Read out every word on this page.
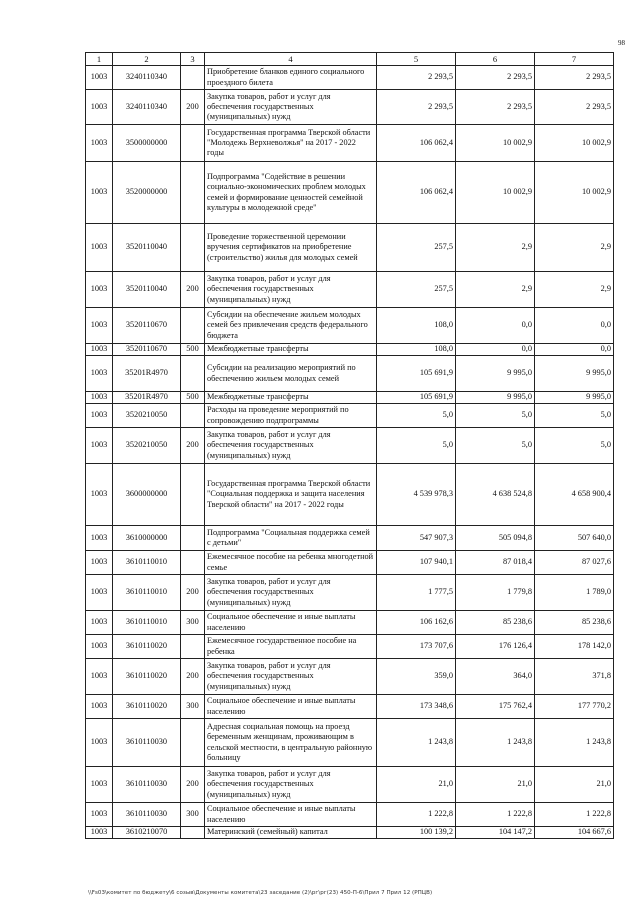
98
1	2	3	4	5	6	7
1003	3240110340		Приобретение бланков единого социального проездного билета	2 293,5	2 293,5	2 293,5
1003	3240110340	200	Закупка товаров, работ и услуг для обеспечения государственных (муниципальных) нужд	2 293,5	2 293,5	2 293,5
1003	3500000000		Государственная программа Тверской области "Молодежь Верхневолжья" на 2017 - 2022 годы	106 062,4	10 002,9	10 002,9
1003	3520000000		Подпрограмма "Содействие в решении социально-экономических проблем молодых семей и формирование ценностей семейной культуры в молодежной среде"	106 062,4	10 002,9	10 002,9
1003	3520110040		Проведение торжественной церемонии вручения сертификатов на приобретение (строительство) жилья для молодых семей	257,5	2,9	2,9
1003	3520110040	200	Закупка товаров, работ и услуг для обеспечения государственных (муниципальных) нужд	257,5	2,9	2,9
1003	3520110670		Субсидии на обеспечение жильем молодых семей без привлечения средств федерального бюджета	108,0	0,0	0,0
1003	3520110670	500	Межбюджетные трансферты	108,0	0,0	0,0
1003	35201R4970		Субсидии на реализацию мероприятий по обеспечению жильем молодых семей	105 691,9	9 995,0	9 995,0
1003	35201R4970	500	Межбюджетные трансферты	105 691,9	9 995,0	9 995,0
1003	3520210050		Расходы на проведение мероприятий по сопровождению подпрограммы	5,0	5,0	5,0
1003	3520210050	200	Закупка товаров, работ и услуг для обеспечения государственных (муниципальных) нужд	5,0	5,0	5,0
1003	3600000000		Государственная программа Тверской области "Социальная поддержка и защита населения Тверской области" на 2017 - 2022 годы	4 539 978,3	4 638 524,8	4 658 900,4
1003	3610000000		Подпрограмма "Социальная поддержка семей с детьми"	547 907,3	505 094,8	507 640,0
1003	3610110010		Ежемесячное пособие на ребенка многодетной семье	107 940,1	87 018,4	87 027,6
1003	3610110010	200	Закупка товаров, работ и услуг для обеспечения государственных (муниципальных) нужд	1 777,5	1 779,8	1 789,0
1003	3610110010	300	Социальное обеспечение и иные выплаты населению	106 162,6	85 238,6	85 238,6
1003	3610110020		Ежемесячное государственное пособие на ребенка	173 707,6	176 126,4	178 142,0
1003	3610110020	200	Закупка товаров, работ и услуг для обеспечения государственных (муниципальных) нужд	359,0	364,0	371,8
1003	3610110020	300	Социальное обеспечение и иные выплаты населению	173 348,6	175 762,4	177 770,2
1003	3610110030		Адресная социальная помощь на проезд беременным женщинам, проживающим в сельской местности, в центральную районную больницу	1 243,8	1 243,8	1 243,8
1003	3610110030	200	Закупка товаров, работ и услуг для обеспечения государственных (муниципальных) нужд	21,0	21,0	21,0
1003	3610110030	300	Социальное обеспечение и иные выплаты населению	1 222,8	1 222,8	1 222,8
1003	3610210070		Материнский (семейный) капитал	100 139,2	104 147,2	104 667,6
\\Fs03\комитет по бюджету\6 созыв\Документы комитета\23 заседание (2)\рг\рг(23) 450-П-6\Прил 7 Прил 12 (РПЦВ)
